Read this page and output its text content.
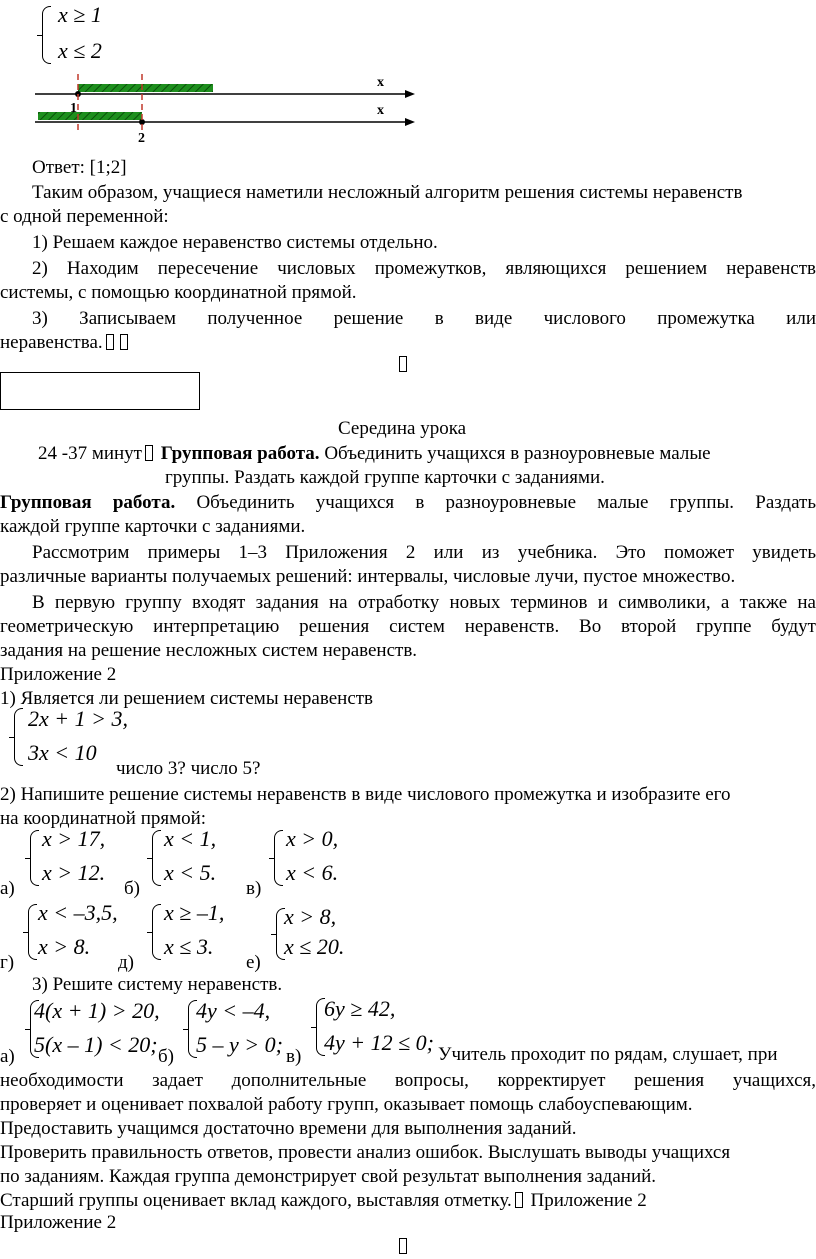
x ≥ 1
x ≤ 2
x
x
1
2
Ответ: [1;2]
Таким образом, учащиеся наметили несложный алгоритм решения системы неравенств
с одной переменной:
1) Решаем каждое неравенство системы отдельно.
2) Находим пересечение числовых промежутков, являющихся решением неравенств
системы, с помощью координатной прямой.
3) Записываем полученное решение в виде числового промежутка или
неравенства.
Середина урока
24 -37 минут Групповая работа. Объединить учащихся в разноуровневые малые
группы. Раздать каждой группе карточки с заданиями.
Групповая работа. Объединить учащихся в разноуровневые малые группы. Раздать
каждой группе карточки с заданиями.
Рассмотрим примеры 1–3 Приложения 2 или из учебника. Это поможет увидеть
различные варианты получаемых решений: интервалы, числовые лучи, пустое множество.
В первую группу входят задания на отработку новых терминов и символики, а также на
геометрическую интерпретацию решения систем неравенств. Во второй группе будут
задания на решение несложных систем неравенств.
Приложение 2
1) Является ли решением системы неравенств
2x + 1 > 3,
3x < 10
число 3? число 5?
2) Напишите решение системы неравенств в виде числового промежутка и изобразите его
на координатной прямой:
x > 17,
x > 12.
а)
x < 1,
x < 5.
б)
x > 0,
x < 6.
в)
x < –3,5,
x > 8.
г)
x ≥ –1,
x ≤ 3.
д)
x > 8,
x ≤ 20.
е)
3) Решите систему неравенств.
4(x + 1) > 20,
5(x – 1) < 20;
а)
4y < –4,
5 – y > 0;
б)
6y ≥ 42,
4y + 12 ≤ 0;
в)	Учитель проходит по рядам, слушает, при
необходимости задает дополнительные вопросы, корректирует решения учащихся,
проверяет и оценивает похвалой работу групп, оказывает помощь слабоуспевающим.
Предоставить учащимся достаточно времени для выполнения заданий.
Проверить правильность ответов, провести анализ ошибок. Выслушать выводы учащихся
по заданиям. Каждая группа демонстрирует свой результат выполнения заданий.
Старший группы оценивает вклад каждого, выставляя отметку. Приложение 2
Приложение 2
